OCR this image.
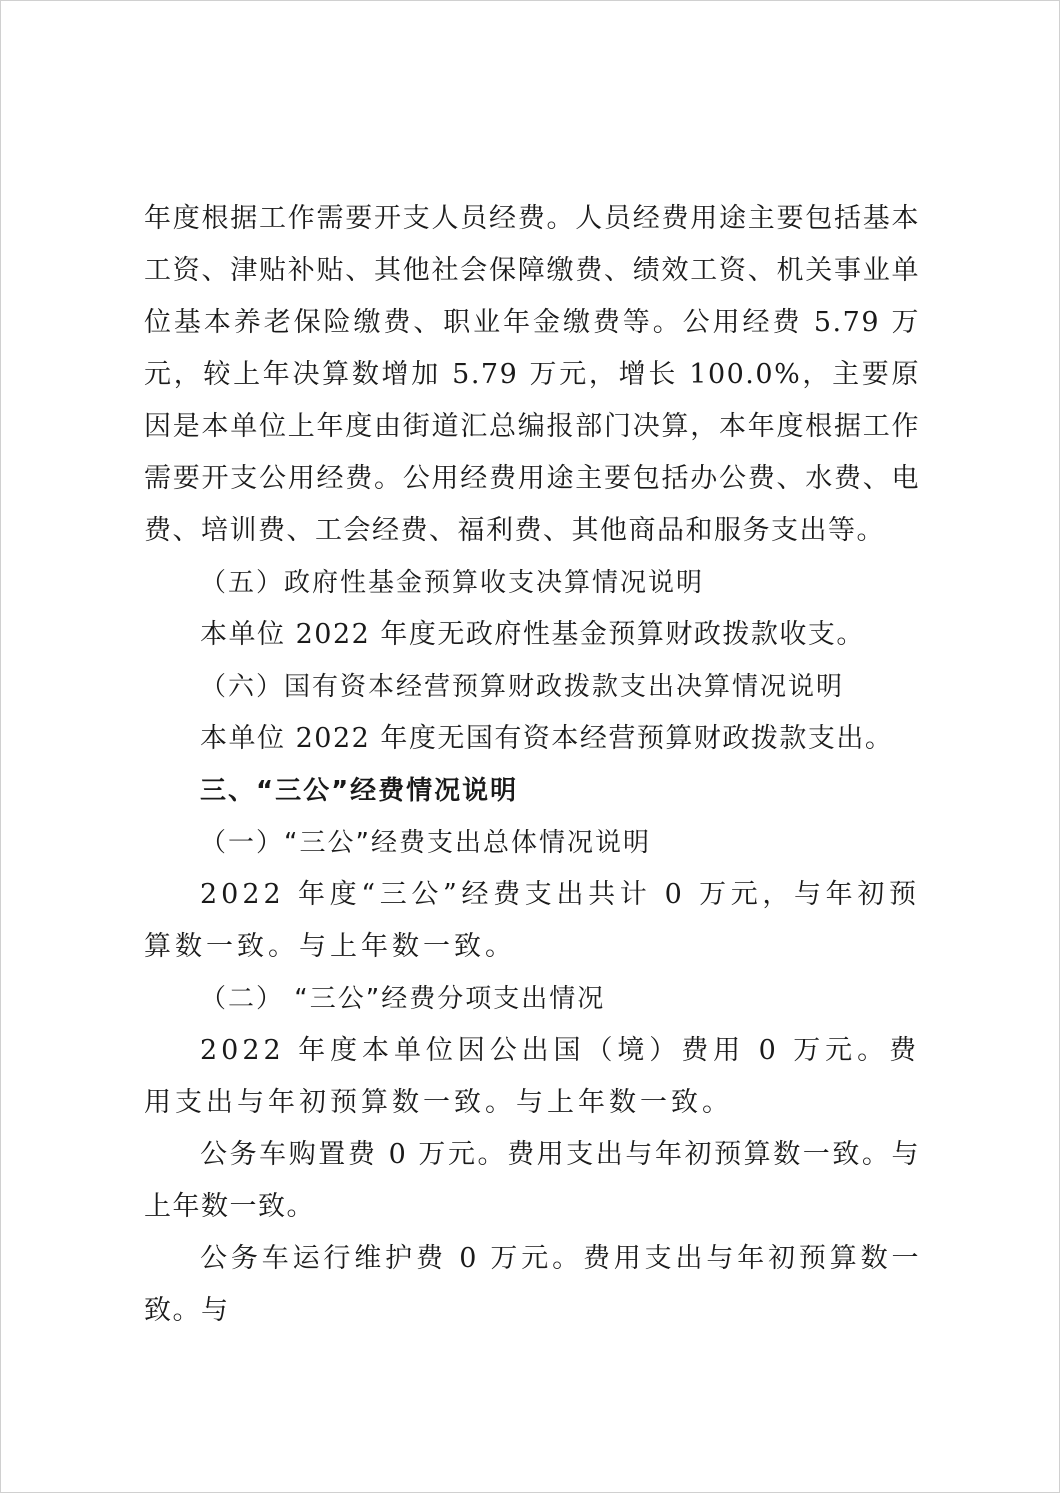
年度根据工作需要开支人员经费。人员经费用途主要包括基本工资、津贴补贴、其他社会保障缴费、绩效工资、机关事业单位基本养老保险缴费、职业年金缴费等。公用经费 5.79 万元，较上年决算数增加 5.79 万元，增长 100.0%，主要原因是本单位上年度由街道汇总编报部门决算，本年度根据工作需要开支公用经费。公用经费用途主要包括办公费、水费、电费、培训费、工会经费、福利费、其他商品和服务支出等。

（五）政府性基金预算收支决算情况说明

本单位 2022 年度无政府性基金预算财政拨款收支。

（六）国有资本经营预算财政拨款支出决算情况说明

本单位 2022 年度无国有资本经营预算财政拨款支出。

三、“三公”经费情况说明

（一）“三公”经费支出总体情况说明

2022 年度“三公”经费支出共计 0 万元，与年初预算数一致。与上年数一致。

（二） “三公”经费分项支出情况

2022 年度本单位因公出国（境）费用 0 万元。费用支出与年初预算数一致。与上年数一致。

公务车购置费 0 万元。费用支出与年初预算数一致。与上年数一致。

公务车运行维护费 0 万元。费用支出与年初预算数一致。与
